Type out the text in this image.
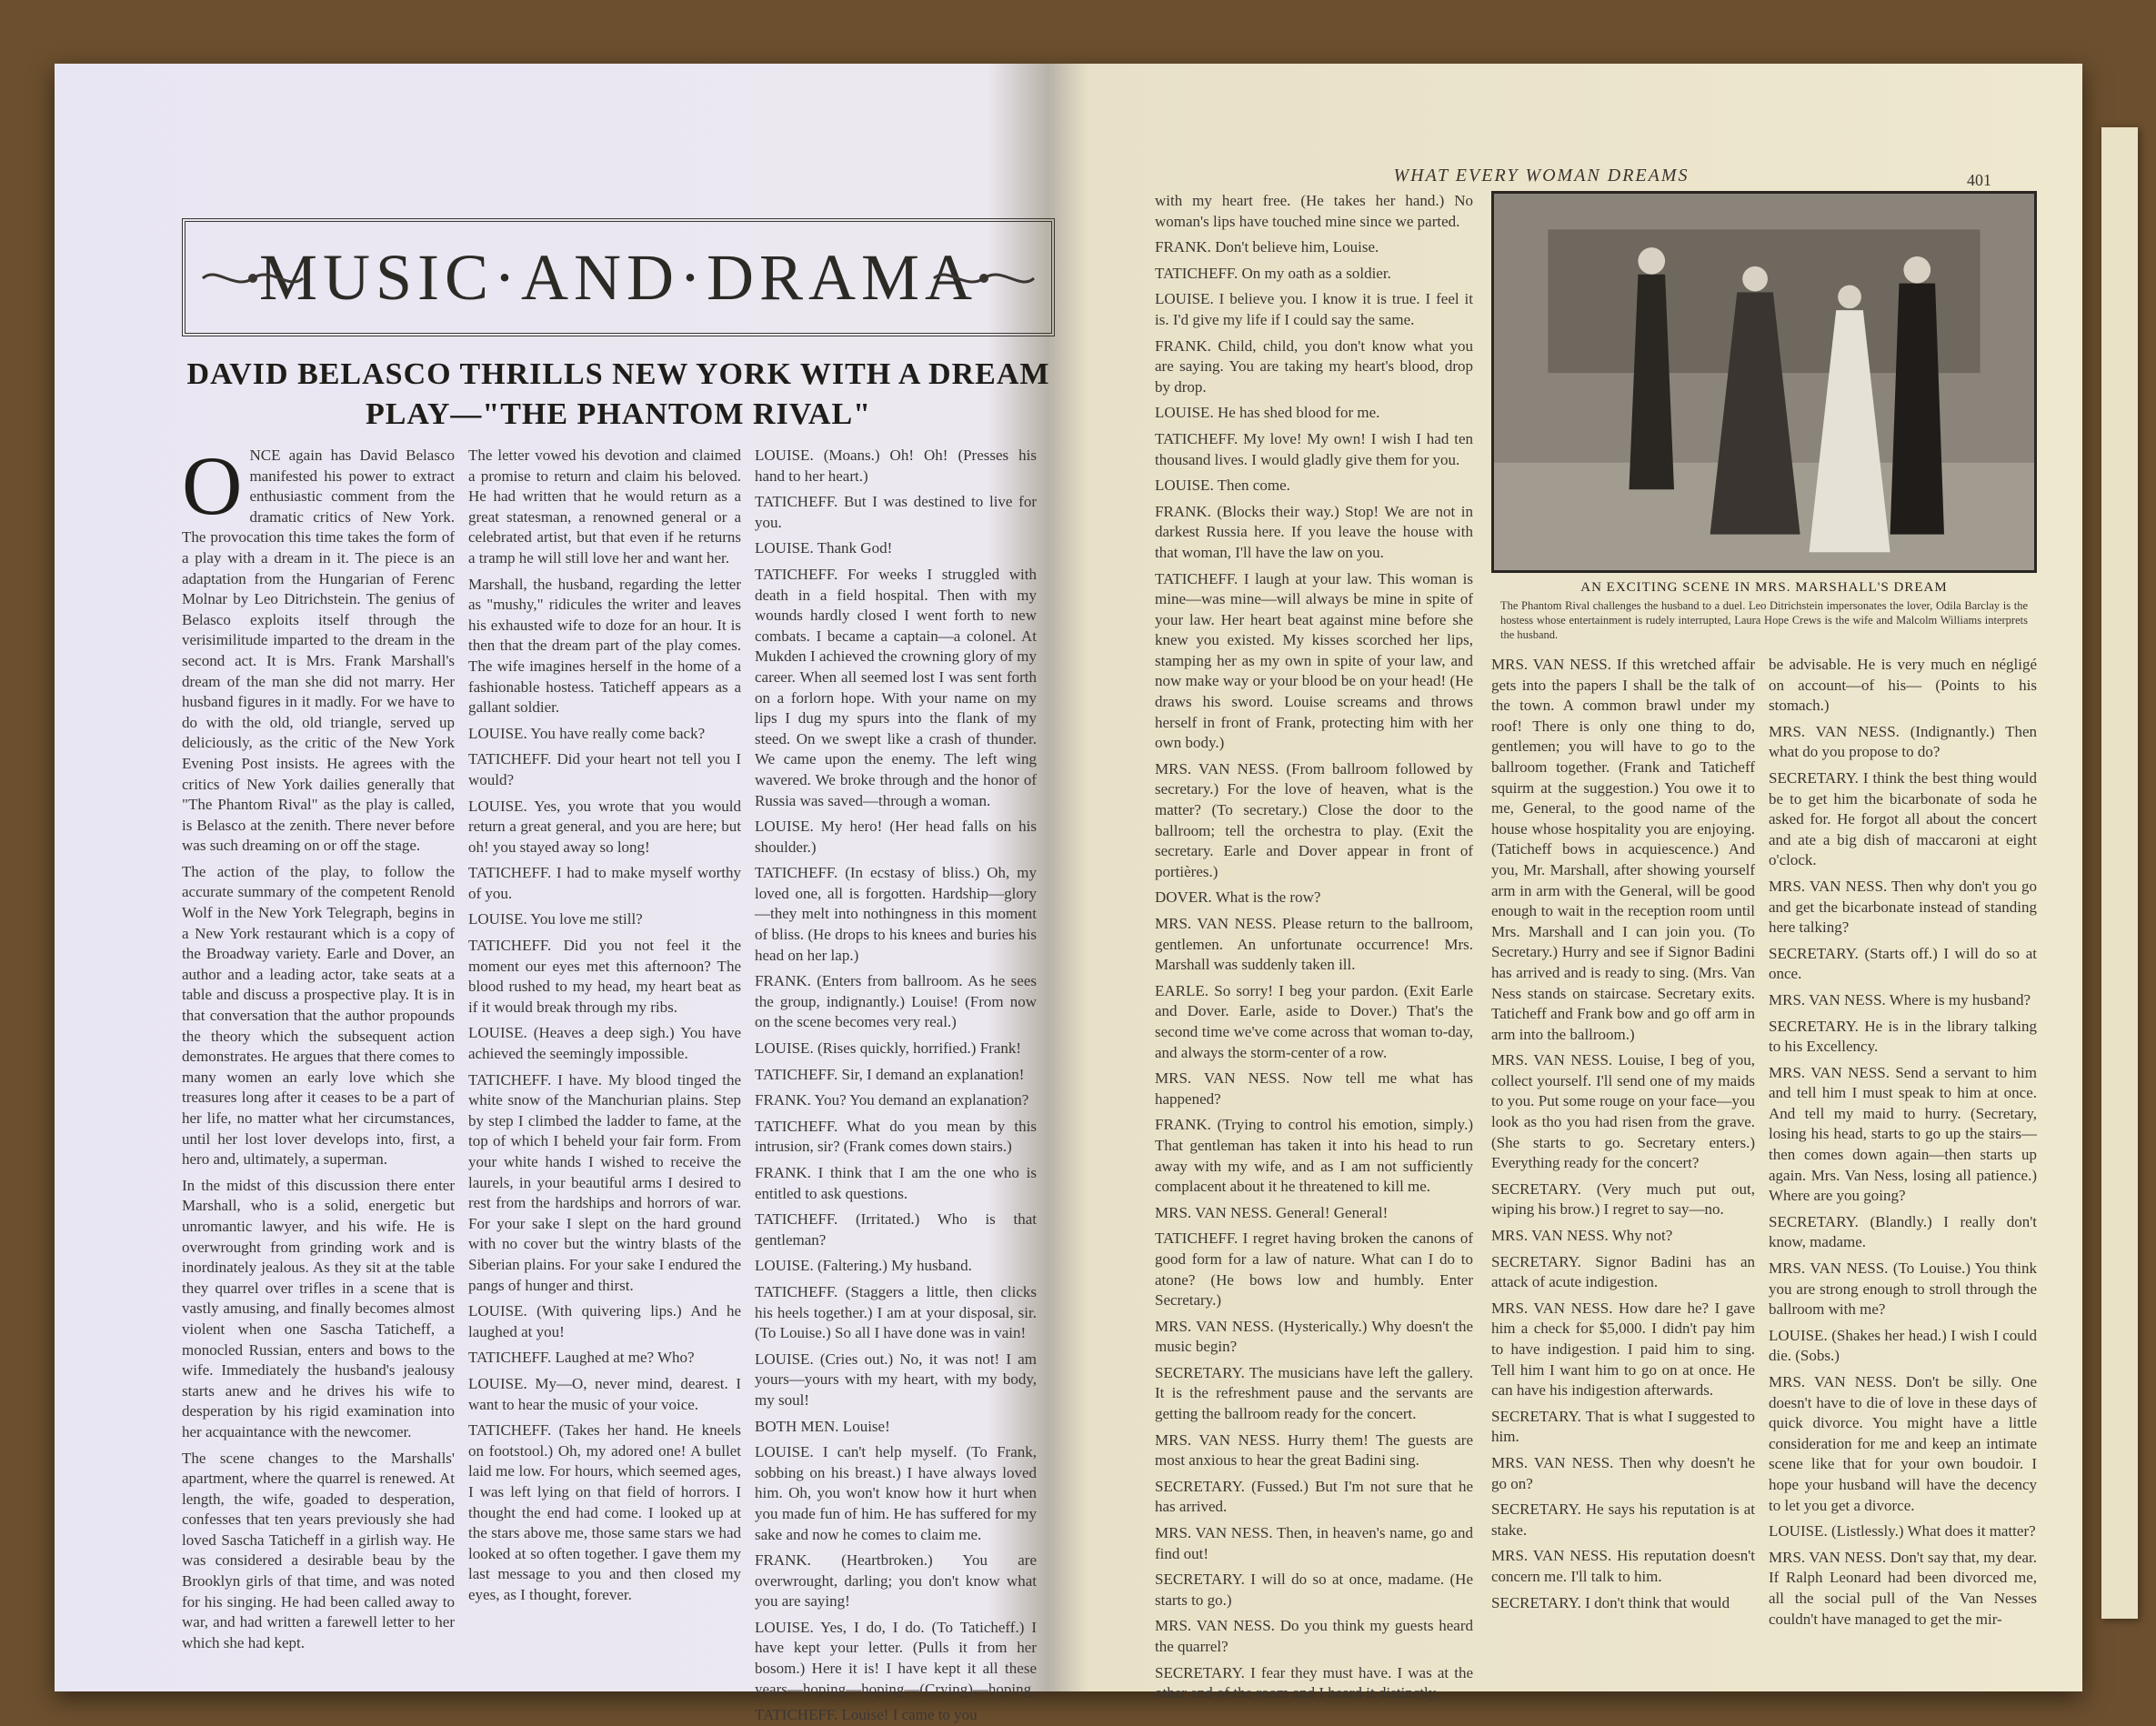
MUSIC·AND·DRAMA
DAVID BELASCO THRILLS NEW YORK WITH A DREAM PLAY—"THE PHANTOM RIVAL"

ONCE again has David Belasco manifested his power to extract enthusiastic comment from the dramatic critics of New York. The provocation this time takes the form of a play with a dream in it. The piece is an adaptation from the Hungarian of Ferenc Molnar by Leo Ditrichstein. The genius of Belasco exploits itself through the verisimilitude imparted to the dream in the second act. It is Mrs. Frank Marshall's dream of the man she did not marry. Her husband figures in it madly. For we have to do with the old, old triangle, served up deliciously, as the critic of the New York Evening Post insists. He agrees with the critics of New York dailies generally that "The Phantom Rival" as the play is called, is Belasco at the zenith. There never before was such dreaming on or off the stage.

The action of the play, to follow the accurate summary of the competent Renold Wolf in the New York Telegraph, begins in a New York restaurant which is a copy of the Broadway variety. Earle and Dover, an author and a leading actor, take seats at a table and discuss a prospective play. It is in that conversation that the author propounds the theory which the subsequent action demonstrates. He argues that there comes to many women an early love which she treasures long after it ceases to be a part of her life, no matter what her circumstances, until her lost lover develops into, first, a hero and, ultimately, a superman.

In the midst of this discussion there enter Marshall, who is a solid, energetic but unromantic lawyer, and his wife. He is overwrought from grinding work and is inordinately jealous. As they sit at the table they quarrel over trifles in a scene that is vastly amusing, and finally becomes almost violent when one Sascha Taticheff, a monocled Russian, enters and bows to the wife. Immediately the husband's jealousy starts anew and he drives his wife to desperation by his rigid examination into her acquaintance with the newcomer.

The scene changes to the Marshalls' apartment, where the quarrel is renewed. At length, the wife, goaded to desperation, confesses that ten years previously she had loved Sascha Taticheff in a girlish way. He was considered a desirable beau by the Brooklyn girls of that time, and was noted for his singing. He had been called away to war, and had written a farewell letter to her which she had kept.

The letter vowed his devotion and claimed a promise to return and claim his beloved. He had written that he would return as a great statesman, a renowned general or a celebrated artist, but that even if he returns a tramp he will still love her and want her.

Marshall, the husband, regarding the letter as "mushy," ridicules the writer and leaves his exhausted wife to doze for an hour. It is then that the dream part of the play comes. The wife imagines herself in the home of a fashionable hostess. Taticheff appears as a gallant soldier.

LOUISE. You have really come back?

TATICHEFF. Did your heart not tell you I would?

LOUISE. Yes, you wrote that you would return a great general, and you are here; but oh! you stayed away so long!

TATICHEFF. I had to make myself worthy of you.

LOUISE. You love me still?

TATICHEFF. Did you not feel it the moment our eyes met this afternoon? The blood rushed to my head, my heart beat as if it would break through my ribs.

LOUISE. (Heaves a deep sigh.) You have achieved the seemingly impossible.

TATICHEFF. I have. My blood tinged the white snow of the Manchurian plains. Step by step I climbed the ladder to fame, at the top of which I beheld your fair form. From your white hands I wished to receive the laurels, in your beautiful arms I desired to rest from the hardships and horrors of war. For your sake I slept on the hard ground with no cover but the wintry blasts of the Siberian plains. For your sake I endured the pangs of hunger and thirst.

LOUISE. (With quivering lips.) And he laughed at you!

TATICHEFF. Laughed at me? Who?

LOUISE. My—O, never mind, dearest. I want to hear the music of your voice.

TATICHEFF. (Takes her hand. He kneels on footstool.) Oh, my adored one! A bullet laid me low. For hours, which seemed ages, I was left lying on that field of horrors. I thought the end had come. I looked up at the stars above me, those same stars we had looked at so often together. I gave them my last message to you and then closed my eyes, as I thought, forever.

LOUISE. (Moans.) Oh! Oh! (Presses his hand to her heart.)

TATICHEFF. But I was destined to live for you.

LOUISE. Thank God!

TATICHEFF. For weeks I struggled with death in a field hospital. Then with my wounds hardly closed I went forth to new combats. I became a captain—a colonel. At Mukden I achieved the crowning glory of my career. When all seemed lost I was sent forth on a forlorn hope. With your name on my lips I dug my spurs into the flank of my steed. On we swept like a crash of thunder. We came upon the enemy. The left wing wavered. We broke through and the honor of Russia was saved—through a woman.

LOUISE. My hero! (Her head falls on his shoulder.)

TATICHEFF. (In ecstasy of bliss.) Oh, my loved one, all is forgotten. Hardship—glory—they melt into nothingness in this moment of bliss. (He drops to his knees and buries his head on her lap.)

FRANK. (Enters from ballroom. As he sees the group, indignantly.) Louise! (From now on the scene becomes very real.)

LOUISE. (Rises quickly, horrified.) Frank!

TATICHEFF. Sir, I demand an explanation!

FRANK. You? You demand an explanation?

TATICHEFF. What do you mean by this intrusion, sir? (Frank comes down stairs.)

FRANK. I think that I am the one who is entitled to ask questions.

TATICHEFF. (Irritated.) Who is that gentleman?

LOUISE. (Faltering.) My husband.

TATICHEFF. (Staggers a little, then clicks his heels together.) I am at your disposal, sir. (To Louise.) So all I have done was in vain!

LOUISE. (Cries out.) No, it was not! I am yours—yours with my heart, with my body, my soul!

BOTH MEN. Louise!

LOUISE. I can't help myself. (To Frank, sobbing on his breast.) I have always loved him. Oh, you won't know how it hurt when you made fun of him. He has suffered for my sake and now he comes to claim me.

FRANK. (Heartbroken.) You are overwrought, darling; you don't know what you are saying!

LOUISE. Yes, I do, I do. (To Taticheff.) I have kept your letter. (Pulls it from her bosom.) Here it is! I have kept it all these years—hoping—hoping—(Crying)—hoping.

TATICHEFF. Louise! I came to you

WHAT EVERY WOMAN DREAMS	401

with my heart free. (He takes her hand.) No woman's lips have touched mine since we parted.

FRANK. Don't believe him, Louise.

TATICHEFF. On my oath as a soldier.

LOUISE. I believe you. I know it is true. I feel it is. I'd give my life if I could say the same.

FRANK. Child, child, you don't know what you are saying. You are taking my heart's blood, drop by drop.

LOUISE. He has shed blood for me.

TATICHEFF. My love! My own! I wish I had ten thousand lives. I would gladly give them for you.

LOUISE. Then come.

FRANK. (Blocks their way.) Stop! We are not in darkest Russia here. If you leave the house with that woman, I'll have the law on you.

TATICHEFF. I laugh at your law. This woman is mine—was mine—will always be mine in spite of your law. Her heart beat against mine before she knew you existed. My kisses scorched her lips, stamping her as my own in spite of your law, and now make way or your blood be on your head! (He draws his sword. Louise screams and throws herself in front of Frank, protecting him with her own body.)

MRS. VAN NESS. (From ballroom followed by secretary.) For the love of heaven, what is the matter? (To secretary.) Close the door to the ballroom; tell the orchestra to play. (Exit the secretary. Earle and Dover appear in front of portières.)

DOVER. What is the row?

MRS. VAN NESS. Please return to the ballroom, gentlemen. An unfortunate occurrence! Mrs. Marshall was suddenly taken ill.

EARLE. So sorry! I beg your pardon. (Exit Earle and Dover. Earle, aside to Dover.) That's the second time we've come across that woman to-day, and always the storm-center of a row.

MRS. VAN NESS. Now tell me what has happened?

FRANK. (Trying to control his emotion, simply.) That gentleman has taken it into his head to run away with my wife, and as I am not sufficiently complacent about it he threatened to kill me.

MRS. VAN NESS. General! General!

TATICHEFF. I regret having broken the canons of good form for a law of nature. What can I do to atone? (He bows low and humbly. Enter Secretary.)

MRS. VAN NESS. (Hysterically.) Why doesn't the music begin?

SECRETARY. The musicians have left the gallery. It is the refreshment pause and the servants are getting the ballroom ready for the concert.

MRS. VAN NESS. Hurry them! The guests are most anxious to hear the great Badini sing.

SECRETARY. (Fussed.) But I'm not sure that he has arrived.

MRS. VAN NESS. Then, in heaven's name, go and find out!

SECRETARY. I will do so at once, madame. (He starts to go.)

MRS. VAN NESS. Do you think my guests heard the quarrel?

SECRETARY. I fear they must have. I was at the other end of the room and I heard it distinctly.

AN EXCITING SCENE IN MRS. MARSHALL'S DREAM
The Phantom Rival challenges the husband to a duel. Leo Ditrichstein impersonates the lover, Odila Barclay is the hostess whose entertainment is rudely interrupted, Laura Hope Crews is the wife and Malcolm Williams interprets the husband.

MRS. VAN NESS. If this wretched affair gets into the papers I shall be the talk of the town. A common brawl under my roof! There is only one thing to do, gentlemen; you will have to go to the ballroom together. (Frank and Taticheff squirm at the suggestion.) You owe it to me, General, to the good name of the house whose hospitality you are enjoying. (Taticheff bows in acquiescence.) And you, Mr. Marshall, after showing yourself arm in arm with the General, will be good enough to wait in the reception room until Mrs. Marshall and I can join you. (To Secretary.) Hurry and see if Signor Badini has arrived and is ready to sing. (Mrs. Van Ness stands on staircase. Secretary exits. Taticheff and Frank bow and go off arm in arm into the ballroom.)

MRS. VAN NESS. Louise, I beg of you, collect yourself. I'll send one of my maids to you. Put some rouge on your face—you look as tho you had risen from the grave. (She starts to go. Secretary enters.) Everything ready for the concert?

SECRETARY. (Very much put out, wiping his brow.) I regret to say—no.

MRS. VAN NESS. Why not?

SECRETARY. Signor Badini has an attack of acute indigestion.

MRS. VAN NESS. How dare he? I gave him a check for $5,000. I didn't pay him to have indigestion. I paid him to sing. Tell him I want him to go on at once. He can have his indigestion afterwards.

SECRETARY. That is what I suggested to him.

MRS. VAN NESS. Then why doesn't he go on?

SECRETARY. He says his reputation is at stake.

MRS. VAN NESS. His reputation doesn't concern me. I'll talk to him.

SECRETARY. I don't think that would

be advisable. He is very much en négligé on account—of his— (Points to his stomach.)

MRS. VAN NESS. (Indignantly.) Then what do you propose to do?

SECRETARY. I think the best thing would be to get him the bicarbonate of soda he asked for. He forgot all about the concert and ate a big dish of maccaroni at eight o'clock.

MRS. VAN NESS. Then why don't you go and get the bicarbonate instead of standing here talking?

SECRETARY. (Starts off.) I will do so at once.

MRS. VAN NESS. Where is my husband?

SECRETARY. He is in the library talking to his Excellency.

MRS. VAN NESS. Send a servant to him and tell him I must speak to him at once. And tell my maid to hurry. (Secretary, losing his head, starts to go up the stairs—then comes down again—then starts up again. Mrs. Van Ness, losing all patience.) Where are you going?

SECRETARY. (Blandly.) I really don't know, madame.

MRS. VAN NESS. (To Louise.) You think you are strong enough to stroll through the ballroom with me?

LOUISE. (Shakes her head.) I wish I could die. (Sobs.)

MRS. VAN NESS. Don't be silly. One doesn't have to die of love in these days of quick divorce. You might have a little consideration for me and keep an intimate scene like that for your own boudoir. I hope your husband will have the decency to let you get a divorce.

LOUISE. (Listlessly.) What does it matter?

MRS. VAN NESS. Don't say that, my dear. If Ralph Leonard had been divorced me, all the social pull of the Van Nesses couldn't have managed to get the mir-
